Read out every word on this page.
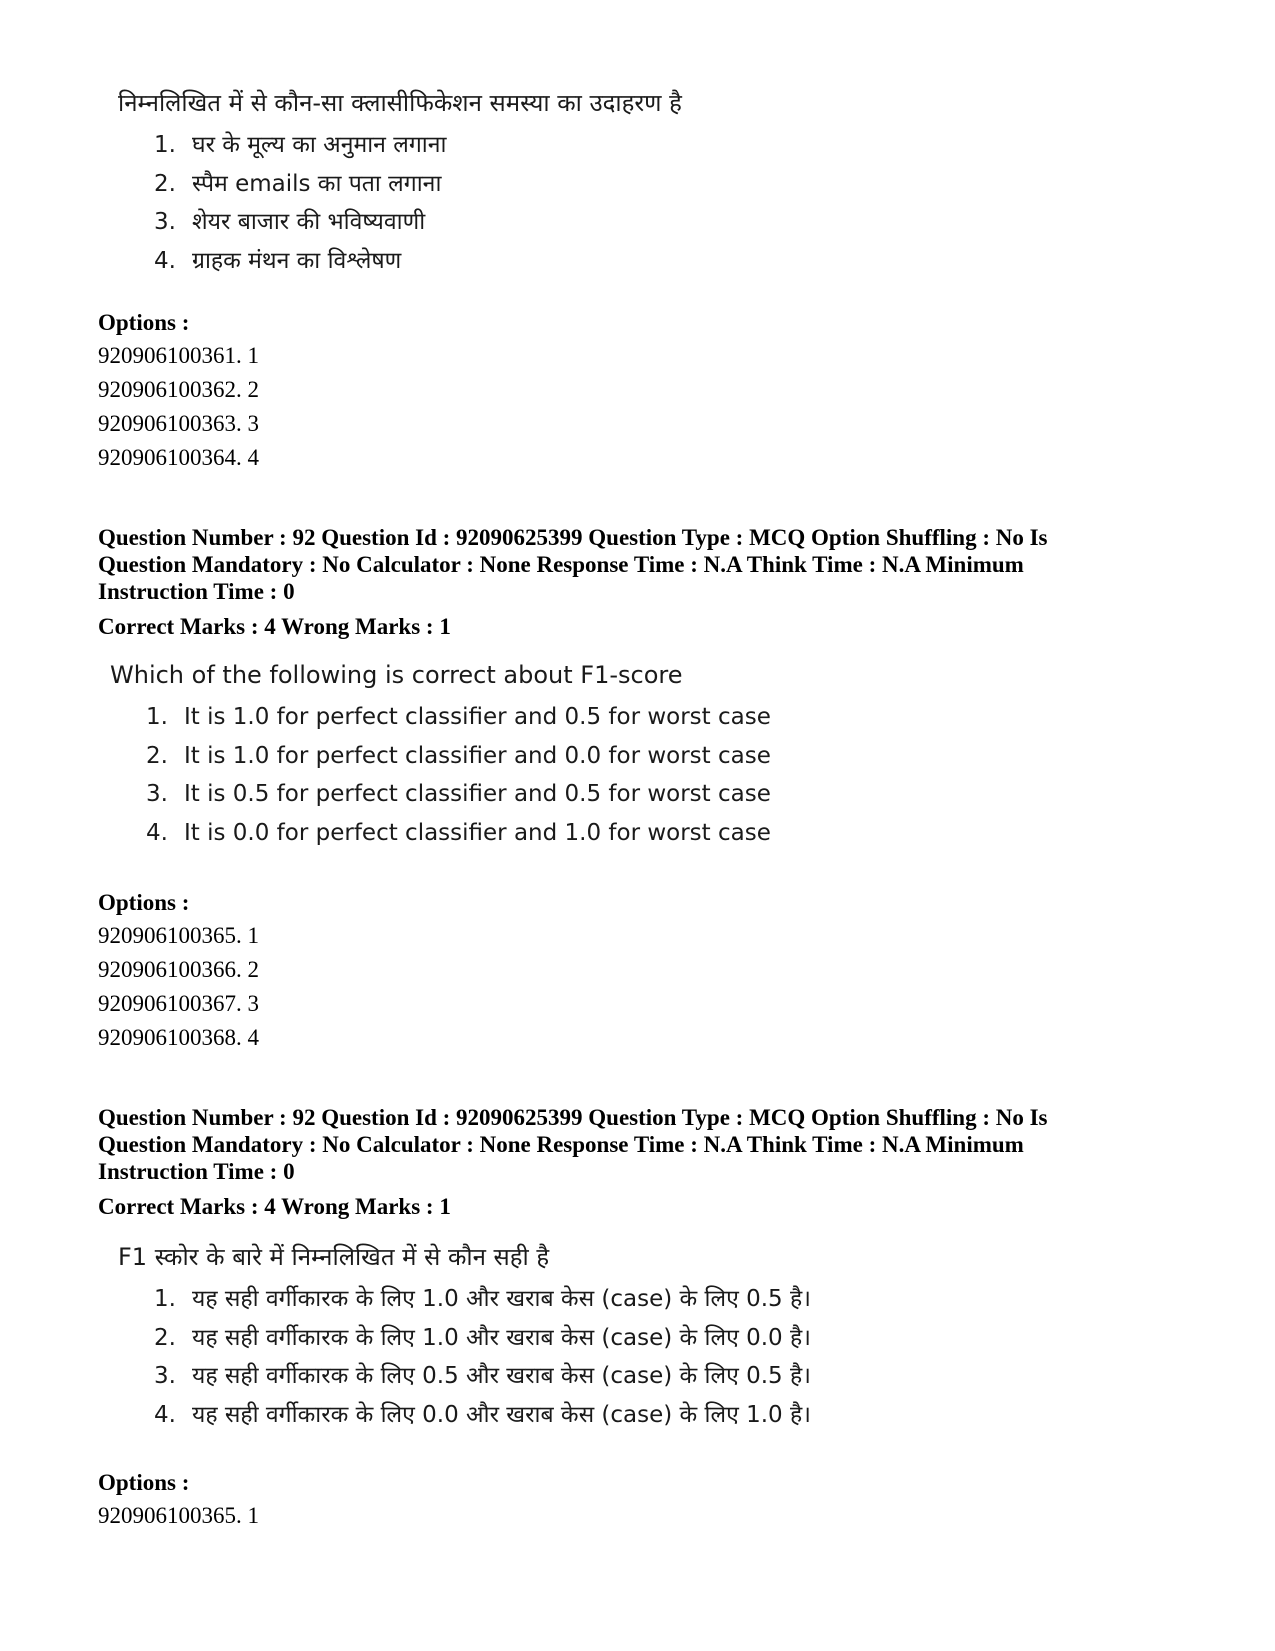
निम्नलिखित में से कौन-सा क्लासीफिकेशन समस्या का उदाहरण है
1. घर के मूल्य का अनुमान लगाना
2. स्पैम emails का पता लगाना
3. शेयर बाजार की भविष्यवाणी
4. ग्राहक मंथन का विश्लेषण
Options :
920906100361. 1
920906100362. 2
920906100363. 3
920906100364. 4
Question Number : 92 Question Id : 92090625399 Question Type : MCQ Option Shuffling : No Is
Question Mandatory : No Calculator : None Response Time : N.A Think Time : N.A Minimum
Instruction Time : 0
Correct Marks : 4 Wrong Marks : 1
Which of the following is correct about F1-score
1. It is 1.0 for perfect classifier and 0.5 for worst case
2. It is 1.0 for perfect classifier and 0.0 for worst case
3. It is 0.5 for perfect classifier and 0.5 for worst case
4. It is 0.0 for perfect classifier and 1.0 for worst case
Options :
920906100365. 1
920906100366. 2
920906100367. 3
920906100368. 4
Question Number : 92 Question Id : 92090625399 Question Type : MCQ Option Shuffling : No Is
Question Mandatory : No Calculator : None Response Time : N.A Think Time : N.A Minimum
Instruction Time : 0
Correct Marks : 4 Wrong Marks : 1
F1 स्कोर के बारे में निम्नलिखित में से कौन सही है
1. यह सही वर्गीकारक के लिए 1.0 और खराब केस (case) के लिए 0.5 है।
2. यह सही वर्गीकारक के लिए 1.0 और खराब केस (case) के लिए 0.0 है।
3. यह सही वर्गीकारक के लिए 0.5 और खराब केस (case) के लिए 0.5 है।
4. यह सही वर्गीकारक के लिए 0.0 और खराब केस (case) के लिए 1.0 है।
Options :
920906100365. 1
